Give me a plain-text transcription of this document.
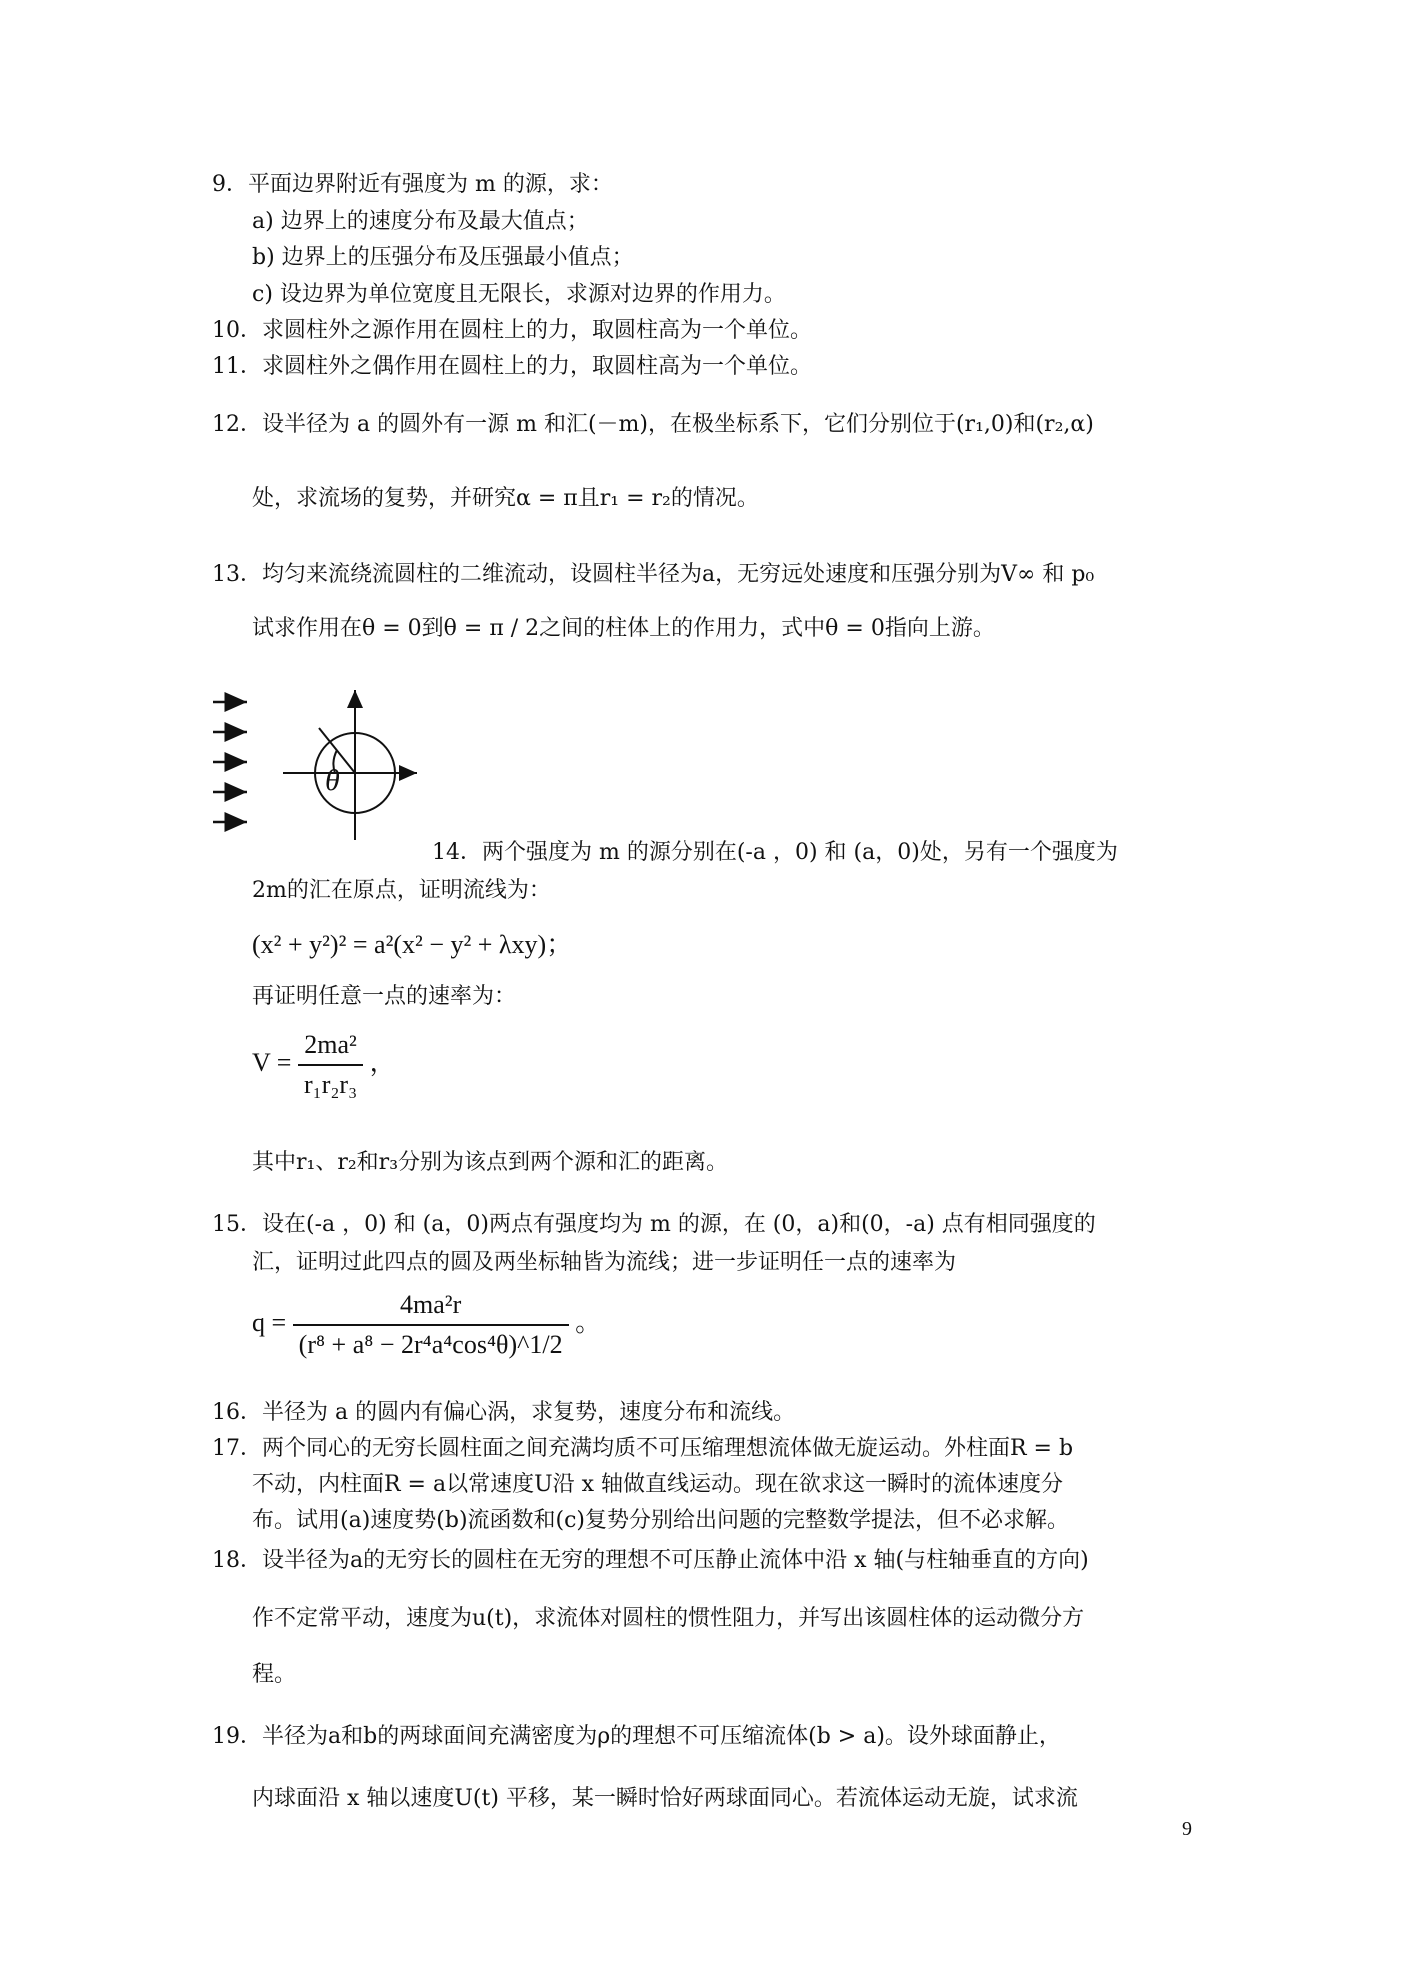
9．平面边界附近有强度为 m 的源，求：
a) 边界上的速度分布及最大值点；
b) 边界上的压强分布及压强最小值点；
c) 设边界为单位宽度且无限长，求源对边界的作用力。
10．求圆柱外之源作用在圆柱上的力，取圆柱高为一个单位。
11．求圆柱外之偶作用在圆柱上的力，取圆柱高为一个单位。
12．设半径为 a 的圆外有一源 m 和汇(－m)，在极坐标系下，它们分别位于(r₁,0)和(r₂,α)
处，求流场的复势，并研究α = π且r₁ = r₂的情况。
13．均匀来流绕流圆柱的二维流动，设圆柱半径为a，无穷远处速度和压强分别为V∞ 和 p₀
试求作用在θ = 0到θ = π / 2之间的柱体上的作用力，式中θ = 0指向上游。
θ
14．两个强度为 m 的源分别在(-a ，0) 和 (a，0)处，另有一个强度为
2m的汇在原点，证明流线为：
(x² + y²)² = a²(x² − y² + λxy)；
再证明任意一点的速率为：
$V = \frac{\text{2ma²}}{\text{r₁r₂r₃}}$ ，
其中r₁、r₂和r₃分别为该点到两个源和汇的距离。
15．设在(-a ，0) 和 (a，0)两点有强度均为 m 的源，在 (0，a)和(0，-a) 点有相同强度的
汇，证明过此四点的圆及两坐标轴皆为流线；进一步证明任一点的速率为
$q = \frac{\text{4ma²r}}{\text{(r⁸ + a⁸ − 2r⁴a⁴cos⁴θ)\textasciicircum{}1/2}}$ 。
16．半径为 a 的圆内有偏心涡，求复势，速度分布和流线。
17．两个同心的无穷长圆柱面之间充满均质不可压缩理想流体做无旋运动。外柱面R = b
不动，内柱面R = a以常速度U沿 x 轴做直线运动。现在欲求这一瞬时的流体速度分
布。试用(a)速度势(b)流函数和(c)复势分别给出问题的完整数学提法，但不必求解。
18．设半径为a的无穷长的圆柱在无穷的理想不可压静止流体中沿 x 轴(与柱轴垂直的方向)
作不定常平动，速度为u(t)，求流体对圆柱的惯性阻力，并写出该圆柱体的运动微分方
程。
19．半径为a和b的两球面间充满密度为ρ的理想不可压缩流体(b > a)。设外球面静止，
内球面沿 x 轴以速度U(t) 平移，某一瞬时恰好两球面同心。若流体运动无旋，试求流
9
